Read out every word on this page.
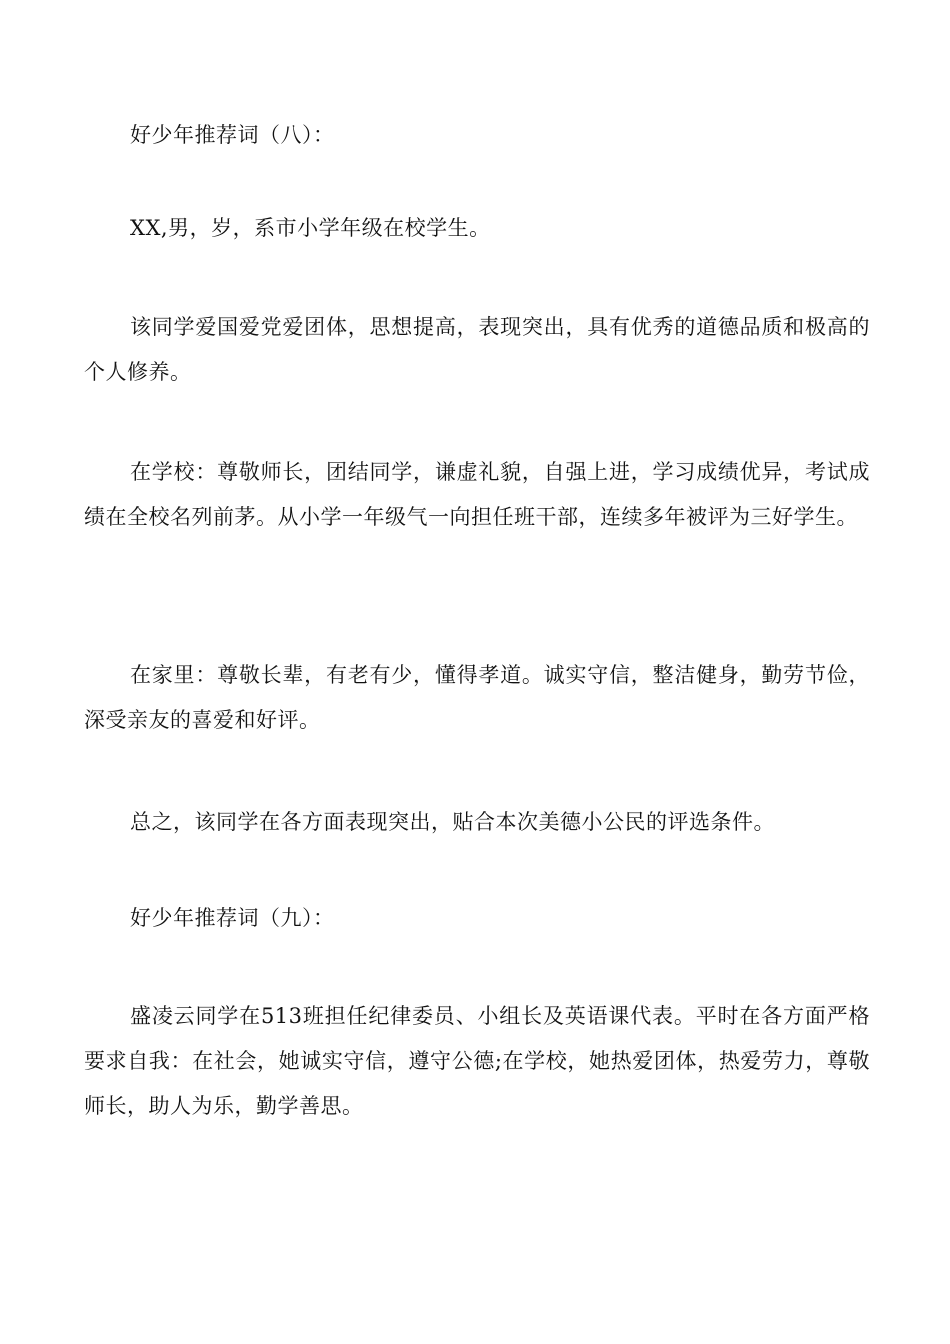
好少年推荐词（八）：

XX,男，岁，系市小学年级在校学生。

该同学爱国爱党爱团体，思想提高，表现突出，具有优秀的道德品质和极高的个人修养。

在学校：尊敬师长，团结同学，谦虚礼貌，自强上进，学习成绩优异，考试成绩在全校名列前茅。从小学一年级气一向担任班干部，连续多年被评为三好学生。

在家里：尊敬长辈，有老有少，懂得孝道。诚实守信，整洁健身，勤劳节俭，深受亲友的喜爱和好评。

总之，该同学在各方面表现突出，贴合本次美德小公民的评选条件。

好少年推荐词（九）：

盛凌云同学在513班担任纪律委员、小组长及英语课代表。平时在各方面严格要求自我：在社会，她诚实守信，遵守公德;在学校，她热爱团体，热爱劳力，尊敬师长，助人为乐，勤学善思。
